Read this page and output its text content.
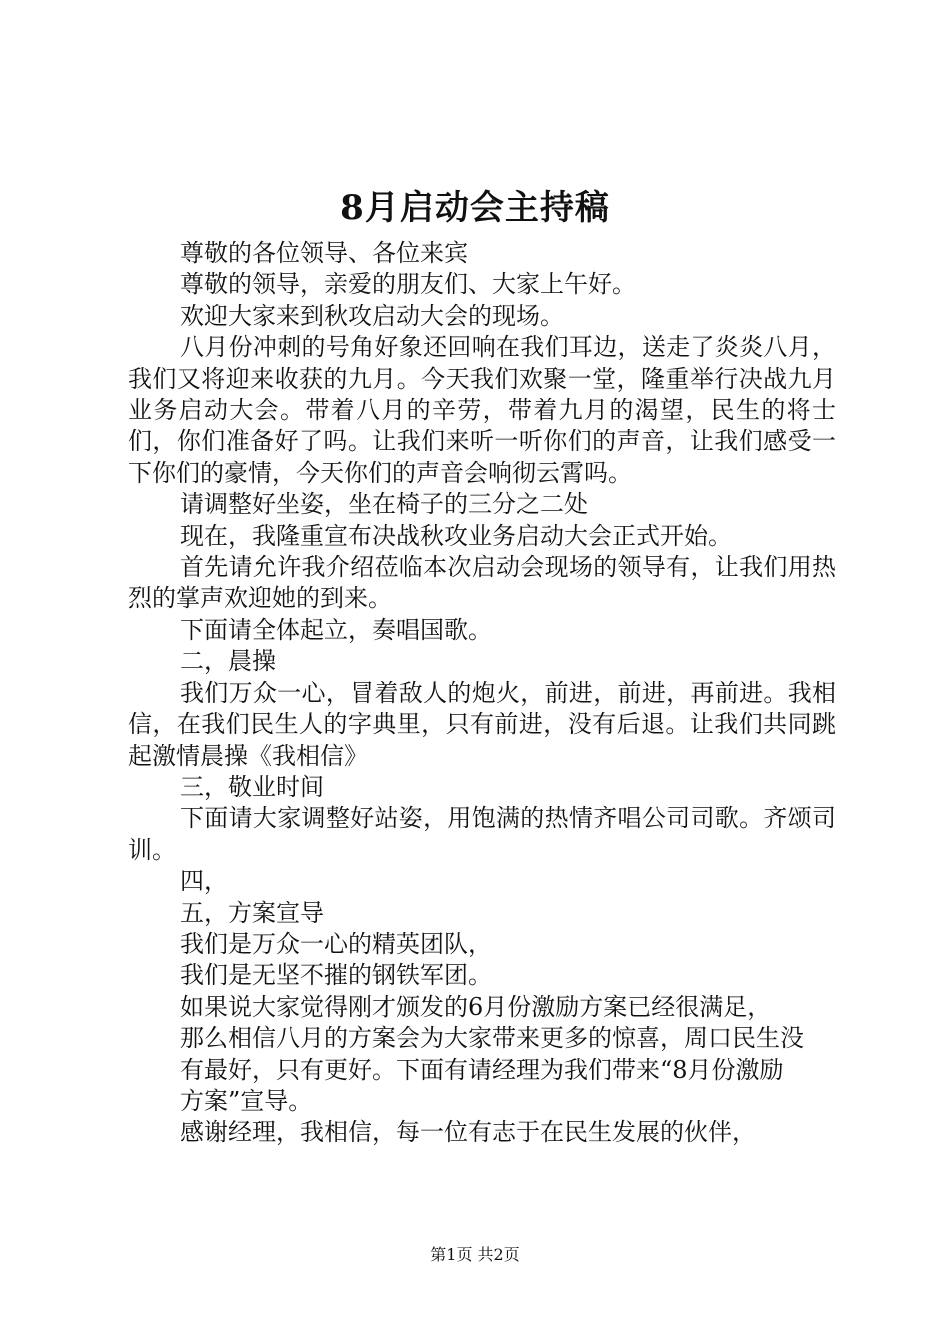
8月启动会主持稿

尊敬的各位领导、各位来宾

尊敬的领导，亲爱的朋友们、大家上午好。

欢迎大家来到秋攻启动大会的现场。

八月份冲刺的号角好象还回响在我们耳边，送走了炎炎八月，我们又将迎来收获的九月。今天我们欢聚一堂，隆重举行决战九月业务启动大会。带着八月的辛劳，带着九月的渴望，民生的将士们，你们准备好了吗。让我们来听一听你们的声音，让我们感受一下你们的豪情，今天你们的声音会响彻云霄吗。

请调整好坐姿，坐在椅子的三分之二处

现在，我隆重宣布决战秋攻业务启动大会正式开始。

首先请允许我介绍莅临本次启动会现场的领导有，让我们用热烈的掌声欢迎她的到来。

下面请全体起立，奏唱国歌。

二，晨操

我们万众一心，冒着敌人的炮火，前进，前进，再前进。我相信，在我们民生人的字典里，只有前进，没有后退。让我们共同跳起激情晨操《我相信》

三，敬业时间

下面请大家调整好站姿，用饱满的热情齐唱公司司歌。齐颂司训。

四，

五，方案宣导

我们是万众一心的精英团队，

我们是无坚不摧的钢铁军团。

如果说大家觉得刚才颁发的6月份激励方案已经很满足，

那么相信八月的方案会为大家带来更多的惊喜，周口民生没

有最好，只有更好。下面有请经理为我们带来“8月份激励

方案”宣导。

感谢经理，我相信，每一位有志于在民生发展的伙伴，

第1页 共2页
